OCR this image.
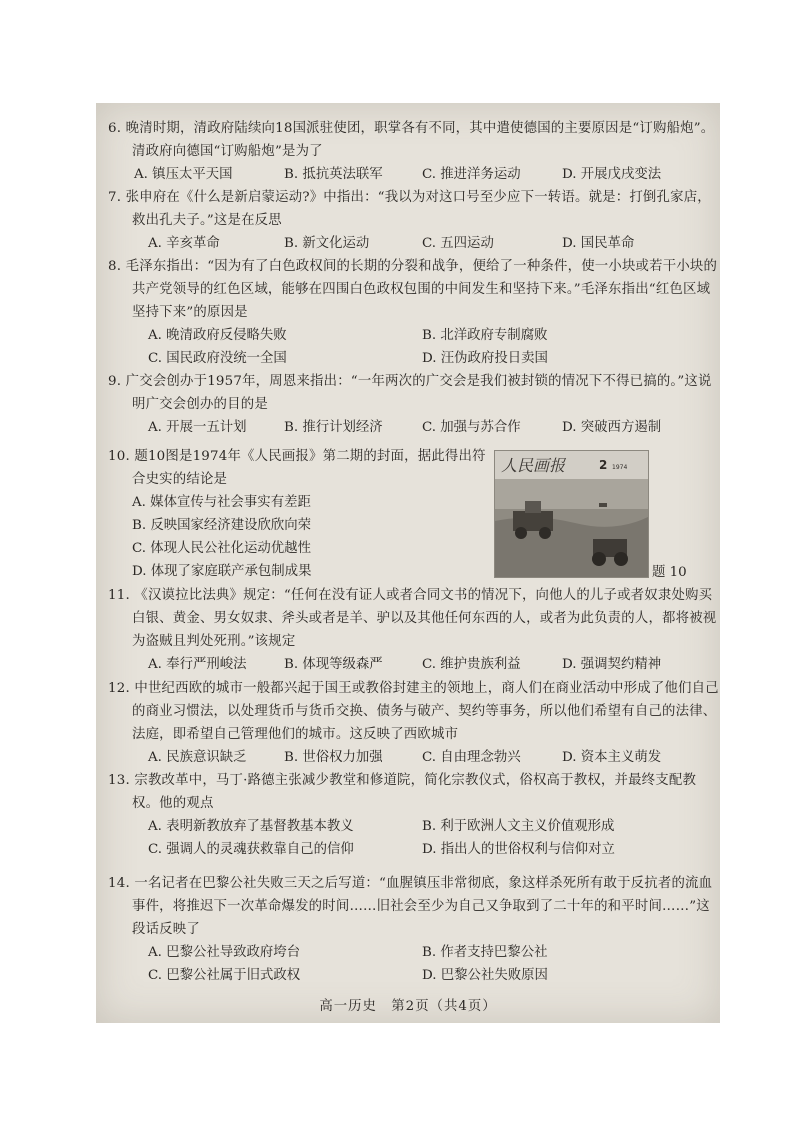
6. 晚清时期，清政府陆续向18国派驻使团，职掌各有不同，其中遣使德国的主要原因是“订购船炮”。清政府向德国“订购船炮”是为了

A. 镇压太平天国	B. 抵抗英法联军	C. 推进洋务运动	D. 开展戊戌变法

7. 张申府在《什么是新启蒙运动?》中指出：“我以为对这口号至少应下一转语。就是：打倒孔家店，救出孔夫子。”这是在反思

A. 辛亥革命	B. 新文化运动	C. 五四运动	D. 国民革命

8. 毛泽东指出：“因为有了白色政权间的长期的分裂和战争，便给了一种条件，使一小块或若干小块的共产党领导的红色区域，能够在四围白色政权包围的中间发生和坚持下来。”毛泽东指出“红色区域坚持下来”的原因是

A. 晚清政府反侵略失败	B. 北洋政府专制腐败
C. 国民政府没统一全国	D. 汪伪政府投日卖国

9. 广交会创办于1957年，周恩来指出：“一年两次的广交会是我们被封锁的情况下不得已搞的。”这说明广交会创办的目的是

A. 开展一五计划	B. 推行计划经济	C. 加强与苏合作	D. 突破西方遏制

10. 题10图是1974年《人民画报》第二期的封面，据此得出符合史实的结论是

A. 媒体宣传与社会事实有差距
B. 反映国家经济建设欣欣向荣
C. 体现人民公社化运动优越性
D. 体现了家庭联产承包制成果
人民画报	2 1974
题 10

11. 《汉谟拉比法典》规定：“任何在没有证人或者合同文书的情况下，向他人的儿子或者奴隶处购买白银、黄金、男女奴隶、斧头或者是羊、驴以及其他任何东西的人，或者为此负责的人，都将被视为盗贼且判处死刑。”该规定

A. 奉行严刑峻法	B. 体现等级森严	C. 维护贵族利益	D. 强调契约精神

12. 中世纪西欧的城市一般都兴起于国王或教俗封建主的领地上，商人们在商业活动中形成了他们自己的商业习惯法，以处理货币与货币交换、债务与破产、契约等事务，所以他们希望有自己的法律、法庭，即希望自己管理他们的城市。这反映了西欧城市

A. 民族意识缺乏	B. 世俗权力加强	C. 自由理念勃兴	D. 资本主义萌发

13. 宗教改革中，马丁·路德主张减少教堂和修道院，简化宗教仪式，俗权高于教权，并最终支配教权。他的观点

A. 表明新教放弃了基督教基本教义	B. 利于欧洲人文主义价值观形成
C. 强调人的灵魂获救靠自己的信仰	D. 指出人的世俗权利与信仰对立

14. 一名记者在巴黎公社失败三天之后写道：“血腥镇压非常彻底，象这样杀死所有敢于反抗者的流血事件，将推迟下一次革命爆发的时间……旧社会至少为自己又争取到了二十年的和平时间……”这段话反映了

A. 巴黎公社导致政府垮台	B. 作者支持巴黎公社
C. 巴黎公社属于旧式政权	D. 巴黎公社失败原因
高一历史　第2页（共4页）
